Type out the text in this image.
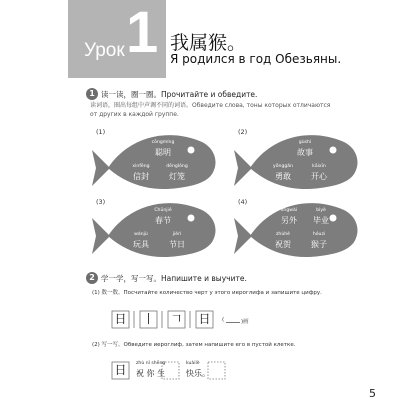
Урок 1 我属猴。
Я родился в год Обезьяны.
1 读一读，圈一圈。Прочитайте и обведите.
读词语，圈出每组中声调不同的词语。Обведите слова, тоны которых отличаются
от других в каждой группе.
(1)	(2)
(3)	(4)
cōngmíng
聪明
xìnfēng
信封
dēnglóng
灯笼
gùshi
故事
yǒnggǎn
勇敢
kāixīn
开心
Chūnjié
春节
wánjù
玩具
jiérì
节日
lìngwài
另外
bìyè
毕业
zhùhè
祝贺
hóuzi
猴子
2 学一学，写一写。Напишите и выучите.
(1) 数一数。Посчитайте количество черт у этого иероглифа и запишите цифру.
日 丨 𠃍 日	(	)画
(2) 写一写。Обведите иероглиф, затем напишите его в пустой клетке.
日	zhù nǐ shēng
祝 你 生
kuàilè
快乐。
5
